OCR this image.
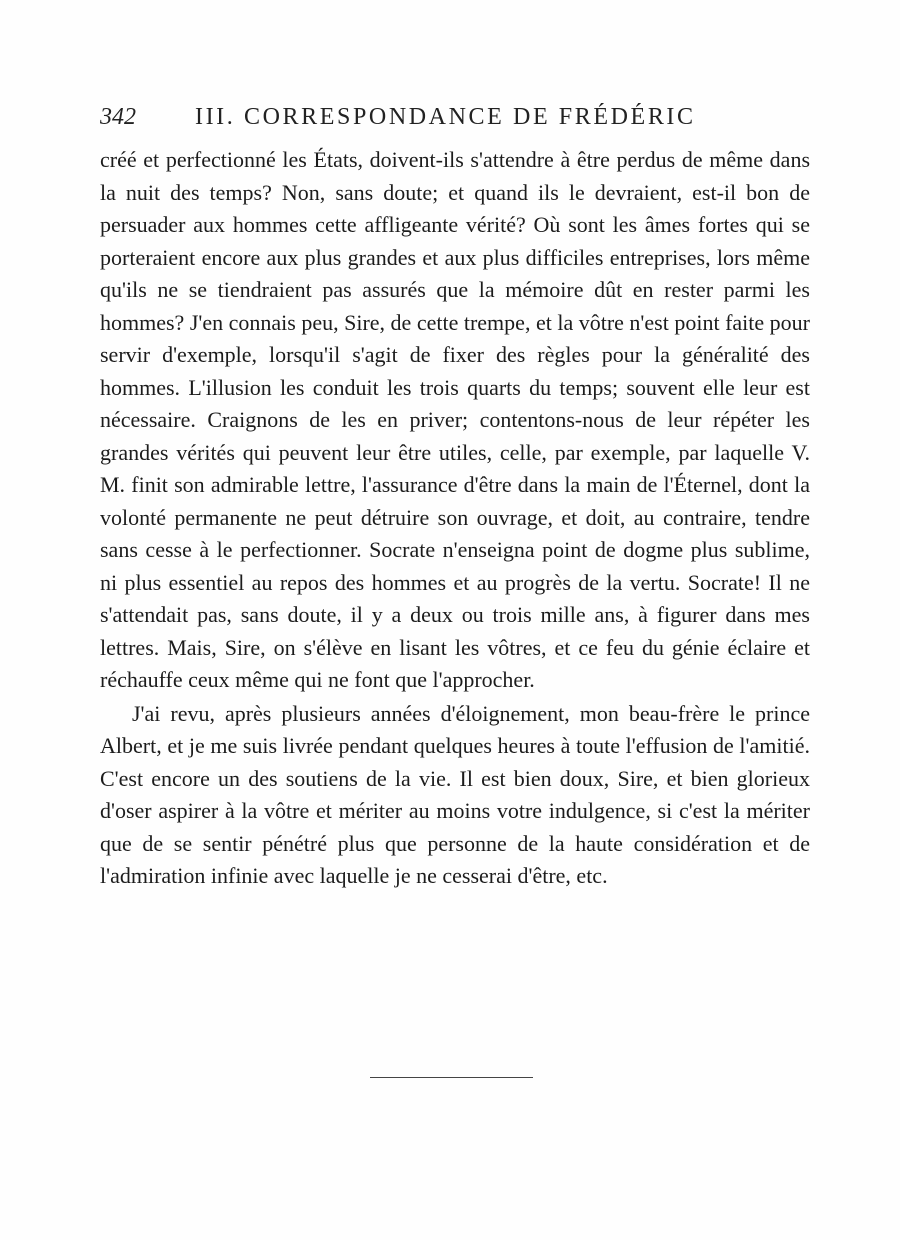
342 III. CORRESPONDANCE DE FRÉDÉRIC

créé et perfectionné les États, doivent-ils s'attendre à être perdus de même dans la nuit des temps? Non, sans doute; et quand ils le devraient, est-il bon de persuader aux hommes cette affligeante vérité? Où sont les âmes fortes qui se porteraient encore aux plus grandes et aux plus difficiles entreprises, lors même qu'ils ne se tiendraient pas assurés que la mémoire dût en rester parmi les hommes? J'en connais peu, Sire, de cette trempe, et la vôtre n'est point faite pour servir d'exemple, lorsqu'il s'agit de fixer des règles pour la généralité des hommes. L'illusion les conduit les trois quarts du temps; souvent elle leur est nécessaire. Craignons de les en priver; contentons-nous de leur répéter les grandes vérités qui peuvent leur être utiles, celle, par exemple, par laquelle V. M. finit son admirable lettre, l'assurance d'être dans la main de l'Éternel, dont la volonté permanente ne peut détruire son ouvrage, et doit, au contraire, tendre sans cesse à le perfectionner. Socrate n'enseigna point de dogme plus sublime, ni plus essentiel au repos des hommes et au progrès de la vertu. Socrate! Il ne s'attendait pas, sans doute, il y a deux ou trois mille ans, à figurer dans mes lettres. Mais, Sire, on s'élève en lisant les vôtres, et ce feu du génie éclaire et réchauffe ceux même qui ne font que l'approcher.

J'ai revu, après plusieurs années d'éloignement, mon beau-frère le prince Albert, et je me suis livrée pendant quelques heures à toute l'effusion de l'amitié. C'est encore un des soutiens de la vie. Il est bien doux, Sire, et bien glorieux d'oser aspirer à la vôtre et mériter au moins votre indulgence, si c'est la mériter que de se sentir pénétré plus que personne de la haute considération et de l'admiration infinie avec laquelle je ne cesserai d'être, etc.
